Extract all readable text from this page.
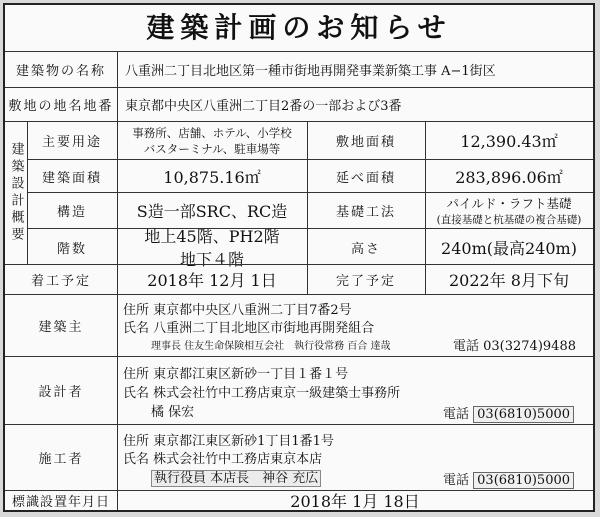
建築計画のお知らせ
建築物の名称	八重洲二丁目北地区第一種市街地再開発事業新築工事 A−1街区
敷地の地名地番 東京都中央区八重洲二丁目2番の一部および3番
建築設計概要	主要用途
事務所、店舗、ホテル、小学校
バスターミナル、駐車場等	敷地面積	12,390.43㎡
建築面積	10,875.16㎡	延べ面積	283,896.06㎡
構造	S造一部SRC、RC造	基礎工法
パイルド・ラフト基礎
(直接基礎と杭基礎の複合基礎)
階数
地上45階、PH2階
地下４階
高さ	240m(最高240m)
着工予定	2018年 12月 1日	完了予定	2022年 8月下旬
建築主
住所 東京都中央区八重洲二丁目7番2号
氏名 八重洲二丁目北地区市街地再開発組合
理事長 住友生命保険相互会社　執行役常務 百合 達哉	電話 03(3274)9488
設計者
住所 東京都江東区新砂一丁目１番１号
氏名 株式会社竹中工務店東京一級建築士事務所
橘 保宏	電話 03(6810)5000
施工者
住所 東京都江東区新砂1丁目1番1号
氏名 株式会社竹中工務店東京本店
執行役員 本店長　神谷 充広	電話 03(6810)5000
標識設置年月日	2018年 1月 18日
